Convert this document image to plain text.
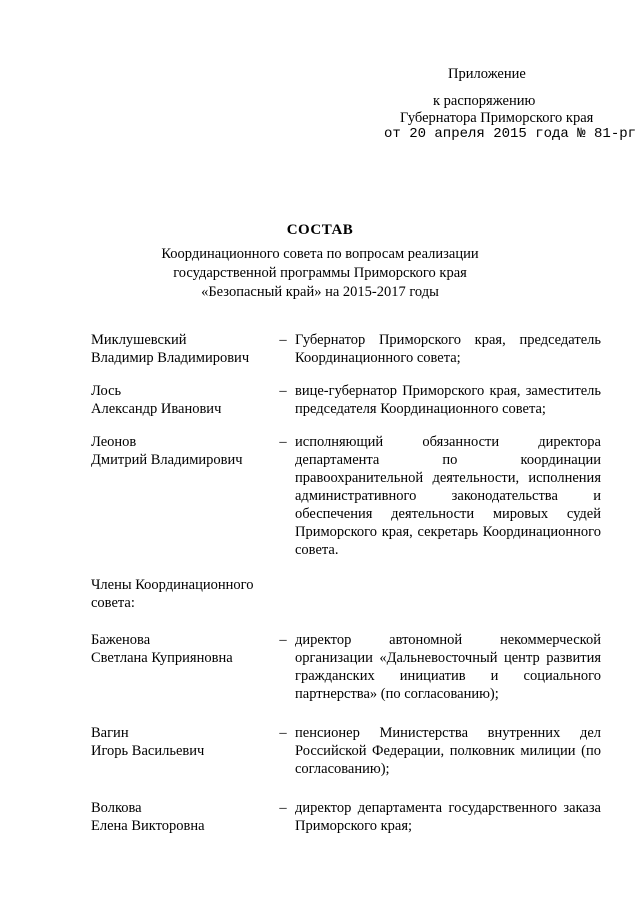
Приложение
к распоряжению
Губернатора Приморского края
от 20 апреля 2015 года № 81-рг
СОСТАВ
Координационного совета по вопросам реализации
государственной программы Приморского края
«Безопасный край» на 2015-2017 годы
Миклушевский
Владимир Владимирович
– Губернатор Приморского края, председатель Координационного совета;
Лось
Александр Иванович
– вице-губернатор Приморского края, заместитель председателя Координационного совета;
Леонов
Дмитрий Владимирович
– исполняющий обязанности директора департамента по координации правоохранительной деятельности, исполнения административного законодательства и обеспечения деятельности мировых судей Приморского края, секретарь Координационного совета.
Члены Координационного совета:
Баженова
Светлана Куприяновна
– директор автономной некоммерческой организации «Дальневосточный центр развития гражданских инициатив и социального партнерства» (по согласованию);
Вагин
Игорь Васильевич
– пенсионер Министерства внутренних дел Российской Федерации, полковник милиции (по согласованию);
Волкова
Елена Викторовна
– директор департамента государственного заказа Приморского края;
